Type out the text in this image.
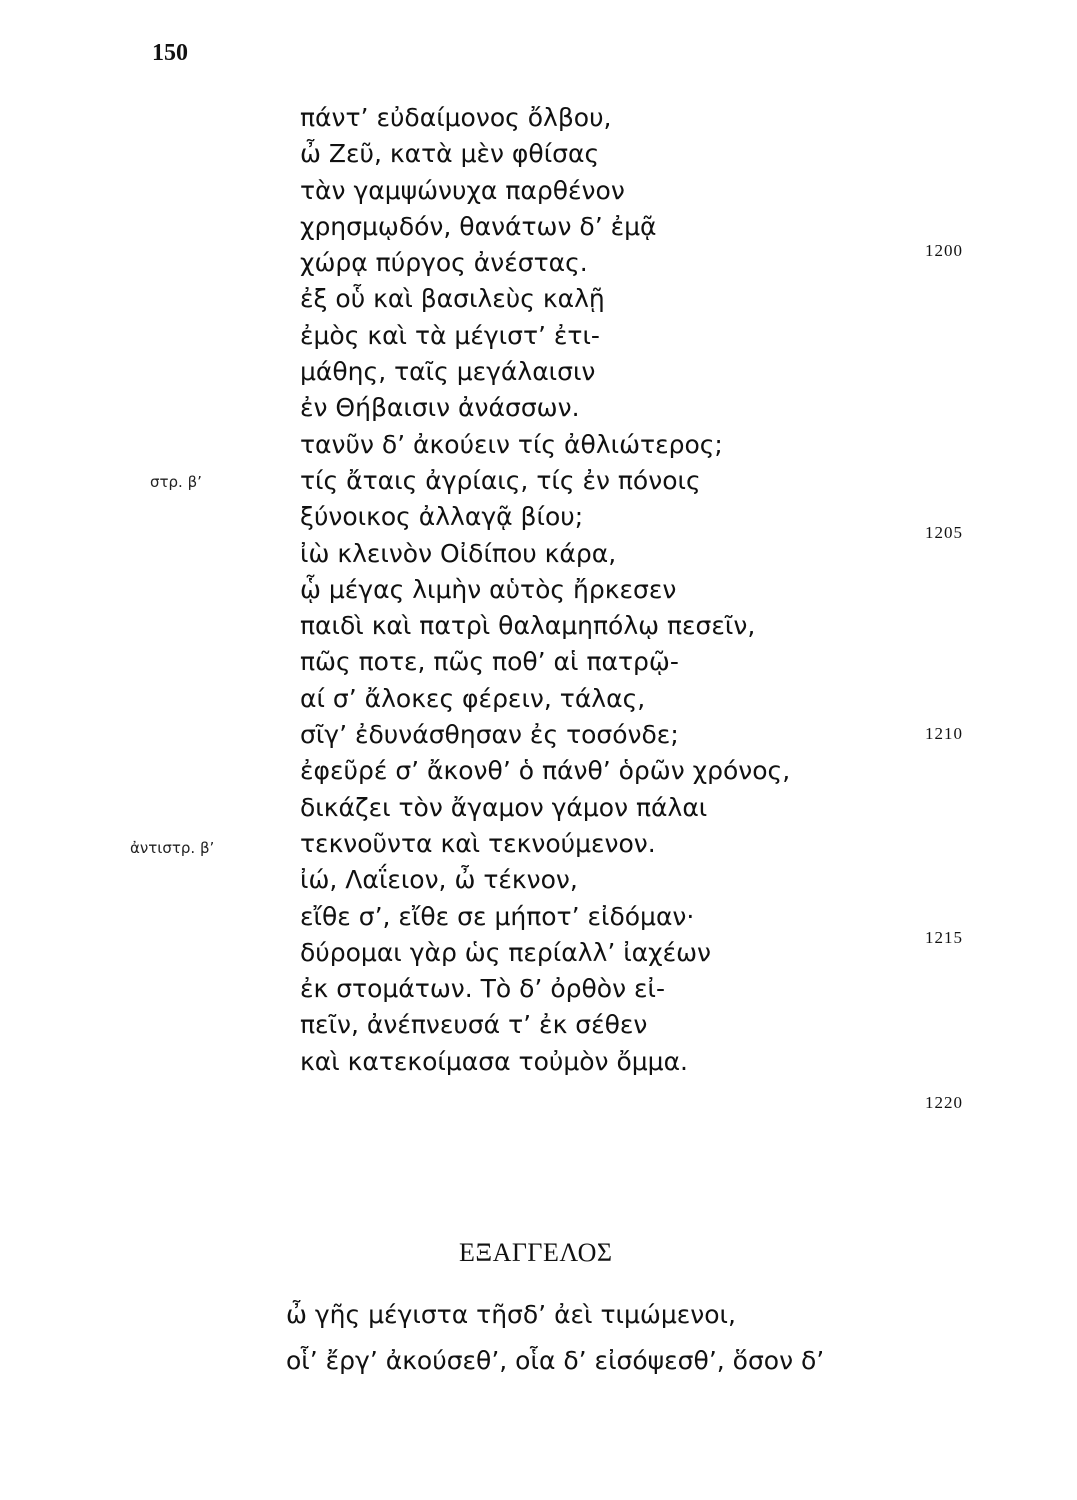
150
πάντ’ εὐδαίμονος ὄλβου,
ὦ Ζεῦ, κατὰ μὲν φθίσας
τὰν γαμψώνυχα παρθένον
χρησμῳδόν, θανάτων δ’ ἐμᾷ
χώρᾳ πύργος ἀνέστας.
ἐξ οὗ καὶ βασιλεὺς καλῇ
ἐμὸς καὶ τὰ μέγιστ’ ἐτι-
μάθης, ταῖς μεγάλαισιν
ἐν Θήβαισιν ἀνάσσων.
τανῦν δ’ ἀκούειν τίς ἀθλιώτερος;
τίς ἄταις ἀγρίαις, τίς ἐν πόνοις
ξύνοικος ἀλλαγᾷ βίου;
ἰὼ κλεινὸν Οἰδίπου κάρα,
ᾧ μέγας λιμὴν αὑτὸς ἤρκεσεν
παιδὶ καὶ πατρὶ θαλαμηπόλῳ πεσεῖν,
πῶς ποτε, πῶς ποθ’ αἱ πατρῷ-
αί σ’ ἄλοκες φέρειν, τάλας,
σῖγ’ ἐδυνάσθησαν ἐς τοσόνδε;
ἐφεῦρέ σ’ ἄκονθ’ ὁ πάνθ’ ὁρῶν χρόνος,
δικάζει τὸν ἄγαμον γάμον πάλαι
τεκνοῦντα καὶ τεκνούμενον.
ἰώ, Λαΐειον, ὦ τέκνον,
εἴθε σ’, εἴθε σε μήποτ’ εἰδόμαν·
δύρομαι γὰρ ὡς περίαλλ’ ἰαχέων
ἐκ στομάτων. Τὸ δ’ ὀρθὸν εἰ-
πεῖν, ἀνέπνευσά τ’ ἐκ σέθεν
καὶ κατεκοίμασα τοὐμὸν ὄμμα.
στρ. β’
ἀντιστρ. β’
1200
1205
1210
1215
1220
ΕΞΑΓΓΕΛΟΣ
ὦ γῆς μέγιστα τῆσδ’ ἀεὶ τιμώμενοι,
οἷ’ ἔργ’ ἀκούσεθ’, οἷα δ’ εἰσόψεσθ’, ὅσον δ’
